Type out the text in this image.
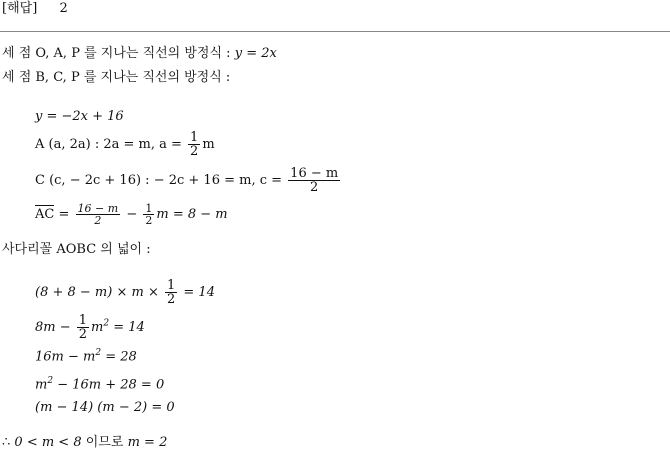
[해답] 2
세 점 O, A, P 를 지나는 직선의 방정식 : y = 2x
세 점 B, C, P 를 지나는 직선의 방정식 :
y = −2x + 16
A (a, 2a) : 2a = m, $a = \frac{1}{2}$ m
C (c, − 2c + 16) : − 2c + 16 = m, $c = \frac{16 - m}{2}$
AC = $\frac{16 - m}{2} - \frac{1}{2}$ m = 8 − m
사다리꼴 AOBC 의 넓이 :
$(8 + 8 - m) \times m \times \frac{1}{2} = 14$
$8m - \frac{1}{2} m^2 = 14$
$16m - m^2 = 28$
$m^2 - 16m + 28 = 0$
(m − 14) (m − 2) = 0
∴ 0 < m < 8 이므로 m = 2
